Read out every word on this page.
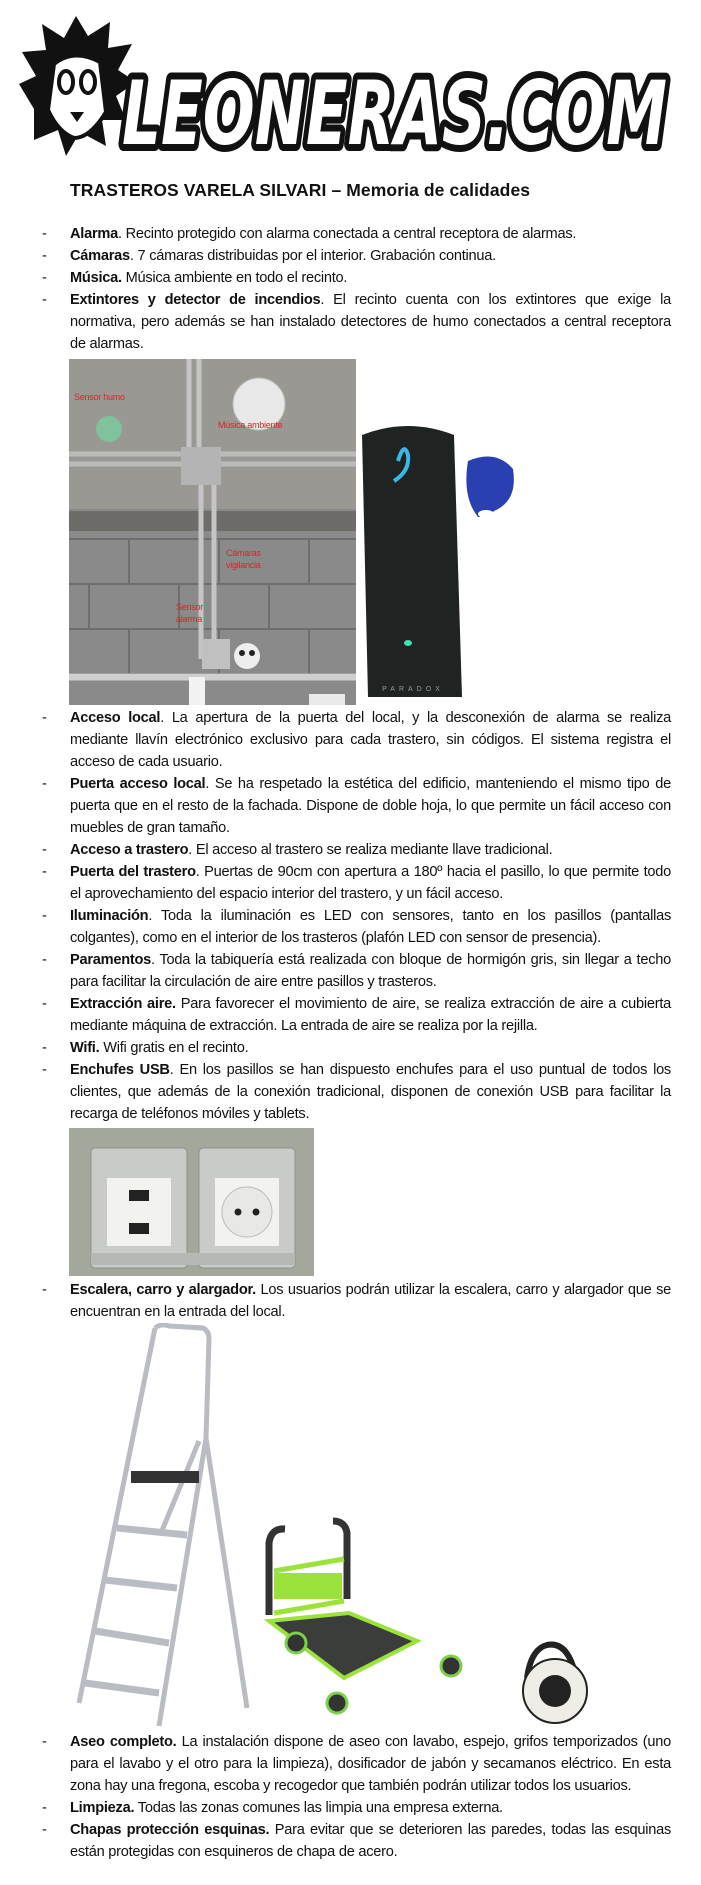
LEONERAS.COM
TRASTEROS VARELA SILVARI – Memoria de calidades
- Alarma. Recinto protegido con alarma conectada a central receptora de alarmas.
- Cámaras. 7 cámaras distribuidas por el interior. Grabación continua.
- Música. Música ambiente en todo el recinto.
- Extintores y detector de incendios. El recinto cuenta con los extintores que exige la normativa, pero además se han instalado detectores de humo conectados a central receptora de alarmas.
Sensor humo
Música ambiente
Cámaras vigilancia
Sensor alarma
PARADOX
- Acceso local. La apertura de la puerta del local, y la desconexión de alarma se realiza mediante llavín electrónico exclusivo para cada trastero, sin códigos. El sistema registra el acceso de cada usuario.
- Puerta acceso local. Se ha respetado la estética del edificio, manteniendo el mismo tipo de puerta que en el resto de la fachada. Dispone de doble hoja, lo que permite un fácil acceso con muebles de gran tamaño.
- Acceso a trastero. El acceso al trastero se realiza mediante llave tradicional.
- Puerta del trastero. Puertas de 90cm con apertura a 180º hacia el pasillo, lo que permite todo el aprovechamiento del espacio interior del trastero, y un fácil acceso.
- Iluminación. Toda la iluminación es LED con sensores, tanto en los pasillos (pantallas colgantes), como en el interior de los trasteros (plafón LED con sensor de presencia).
- Paramentos. Toda la tabiquería está realizada con bloque de hormigón gris, sin llegar a techo para facilitar la circulación de aire entre pasillos y trasteros.
- Extracción aire. Para favorecer el movimiento de aire, se realiza extracción de aire a cubierta mediante máquina de extracción. La entrada de aire se realiza por la rejilla.
- Wifi. Wifi gratis en el recinto.
- Enchufes USB. En los pasillos se han dispuesto enchufes para el uso puntual de todos los clientes, que además de la conexión tradicional, disponen de conexión USB para facilitar la recarga de teléfonos móviles y tablets.
- Escalera, carro y alargador. Los usuarios podrán utilizar la escalera, carro y alargador que se encuentran en la entrada del local.
- Aseo completo. La instalación dispone de aseo con lavabo, espejo, grifos temporizados (uno para el lavabo y el otro para la limpieza), dosificador de jabón y secamanos eléctrico. En esta zona hay una fregona, escoba y recogedor que también podrán utilizar todos los usuarios.
- Limpieza. Todas las zonas comunes las limpia una empresa externa.
- Chapas protección esquinas. Para evitar que se deterioren las paredes, todas las esquinas están protegidas con esquineros de chapa de acero.
